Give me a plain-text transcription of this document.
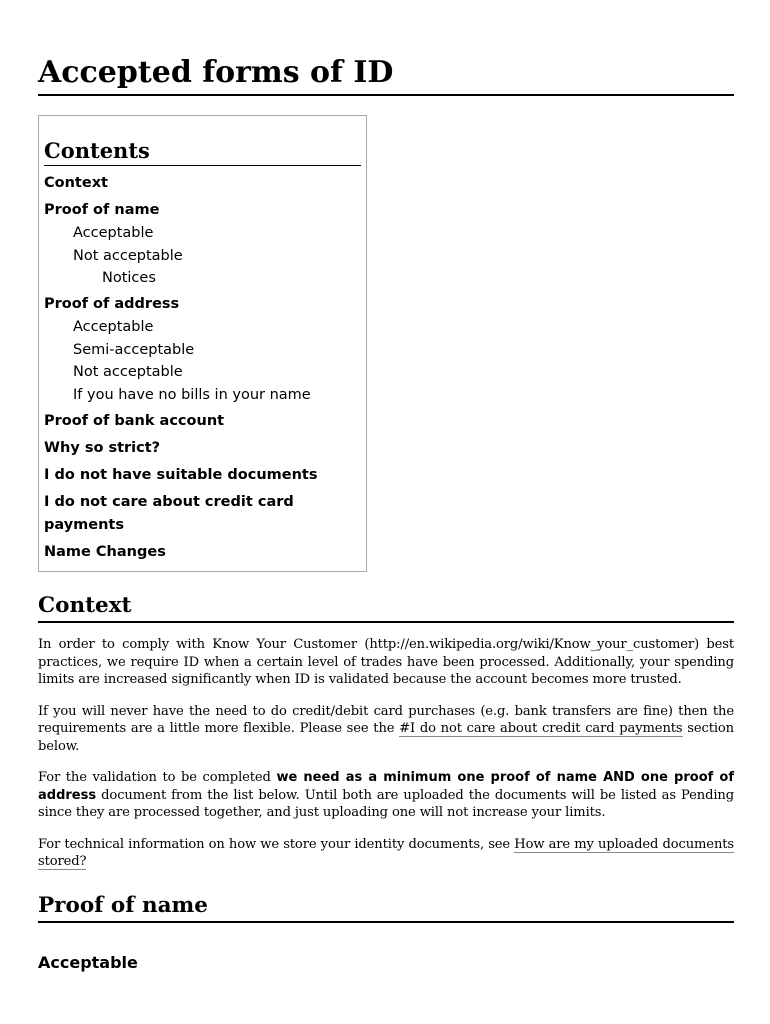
Accepted forms of ID
Contents
Context
Proof of name
Acceptable
Not acceptable
Notices
Proof of address
Acceptable
Semi-acceptable
Not acceptable
If you have no bills in your name
Proof of bank account
Why so strict?
I do not have suitable documents
I do not care about credit card payments
Name Changes
Context

In order to comply with Know Your Customer (http://en.wikipedia.org/wiki/Know_your_customer) best practices, we require ID when a certain level of trades have been processed. Additionally, your spending limits are increased significantly when ID is validated because the account becomes more trusted.

If you will never have the need to do credit/debit card purchases (e.g. bank transfers are fine) then the requirements are a little more flexible. Please see the #I do not care about credit card payments section below.

For the validation to be completed we need as a minimum one proof of name AND one proof of address document from the list below. Until both are uploaded the documents will be listed as Pending since they are processed together, and just uploading one will not increase your limits.

For technical information on how we store your identity documents, see How are my uploaded documents stored?

Proof of name
Acceptable
